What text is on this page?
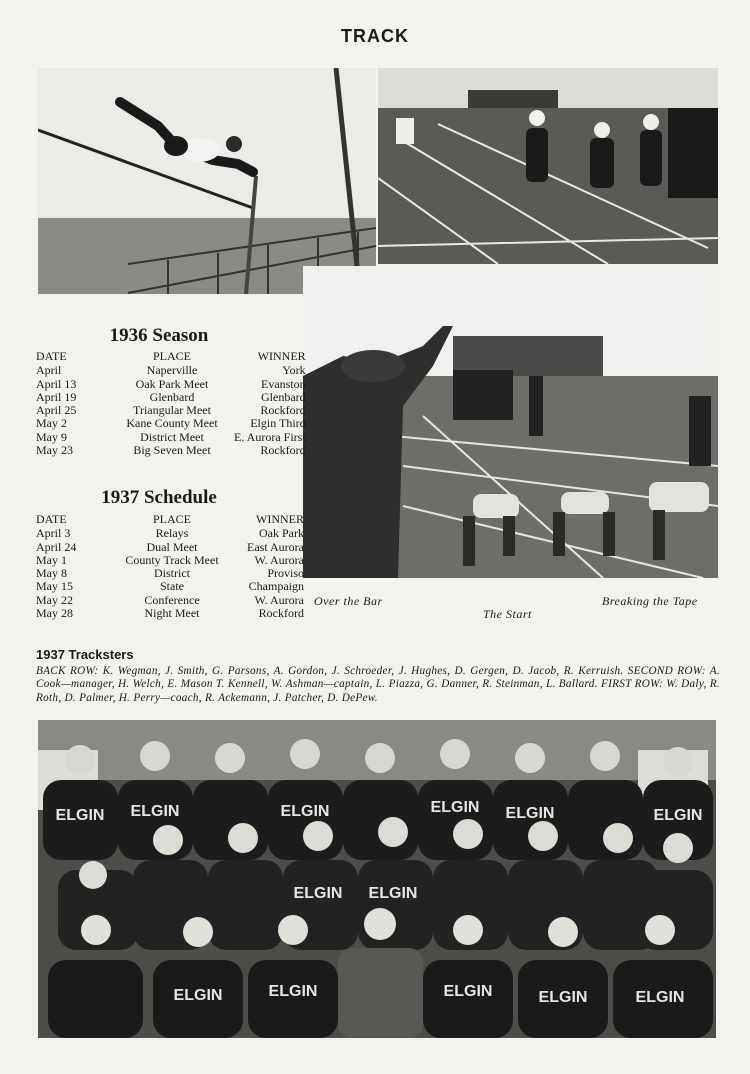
TRACK
1936 Season
DATE	PLACE	WINNER
April	Naperville	York
April 13	Oak Park Meet	Evanston
April 19	Glenbard	Glenbard
April 25	Triangular Meet	Rockford
May 2	Kane County Meet	Elgin Third
May 9	District Meet	E. Aurora First
May 23	Big Seven Meet	Rockford
1937 Schedule
DATE	PLACE	WINNER
April 3	Relays	Oak Park
April 24	Dual Meet	East Aurora
May 1	County Track Meet	W. Aurora
May 8	District	Proviso
May 15	State	Champaign
May 22	Conference	W. Aurora
May 28	Night Meet	Rockford
Over the Bar
The Start
Breaking the Tape
1937 Tracksters
BACK ROW: K. Wegman, J. Smith, G. Parsons, A. Gordon, J. Schroeder, J. Hughes, D. Gergen, D. Jacob, R. Kerruish. SECOND ROW: A. Cook—manager, H. Welch, E. Mason T. Kennell, W. Ashman—captain, L. Piazza, G. Danner, R. Steinman, L. Ballard. FIRST ROW: W. Daly, R. Roth, D. Palmer, H. Perry—coach, R. Ackemann, J. Patcher, D. DePew.
ELGIN ELGIN	ELGIN	ELGIN ELGIN	ELGIN
ELGIN
ELGIN
ELGIN	ELGIN	ELGIN	ELGIN	ELGIN
